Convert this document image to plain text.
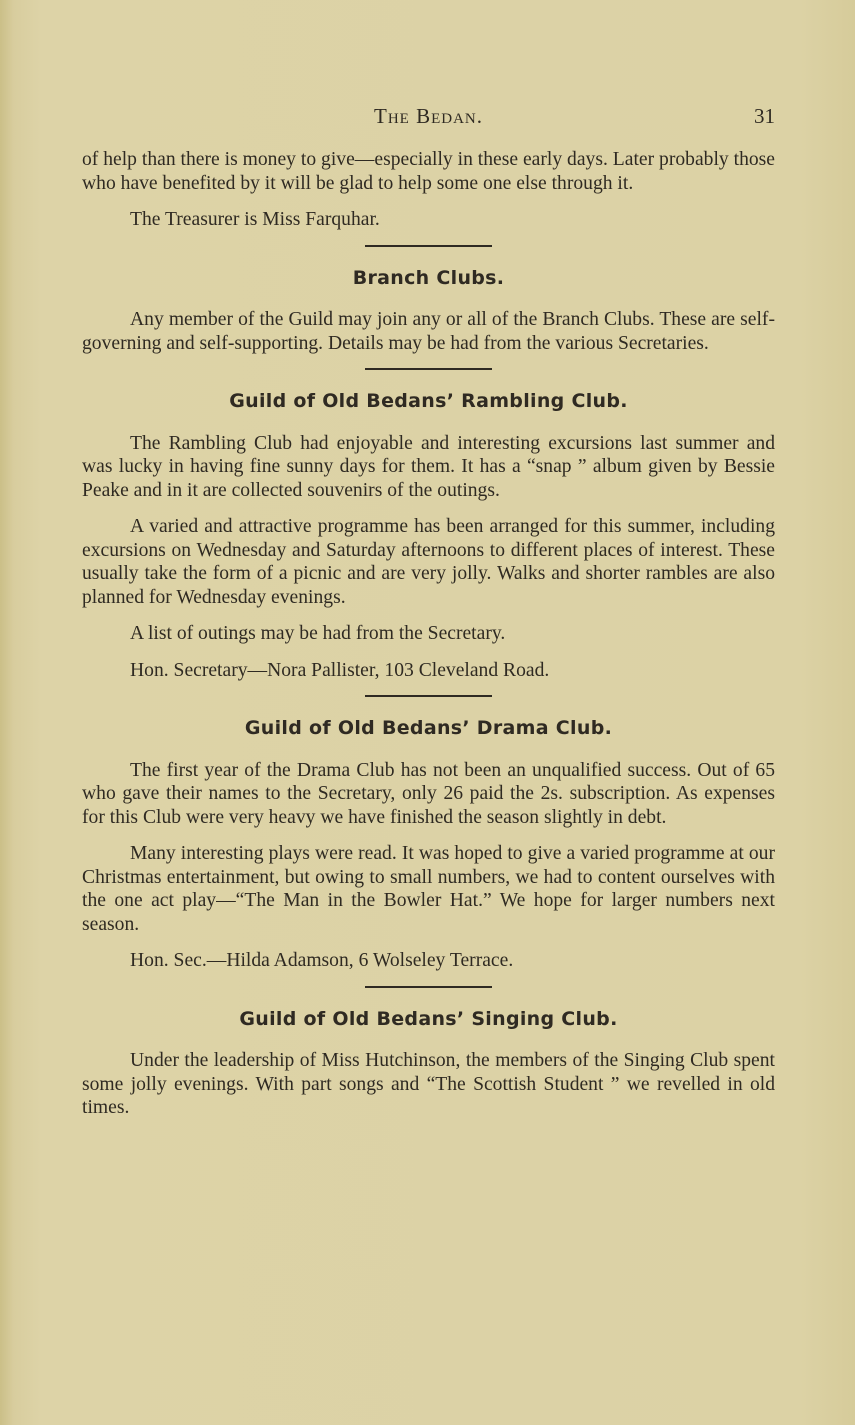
The Bedan.	31

of help than there is money to give—especially in these early days. Later probably those who have benefited by it will be glad to help some one else through it.

The Treasurer is Miss Farquhar.

Branch Clubs.

Any member of the Guild may join any or all of the Branch Clubs. These are self-governing and self-supporting. Details may be had from the various Secretaries.

Guild of Old Bedans’ Rambling Club.

The Rambling Club had enjoyable and interesting excursions last summer and was lucky in having fine sunny days for them. It has a “snap ” album given by Bessie Peake and in it are collected souvenirs of the outings.

A varied and attractive programme has been arranged for this summer, including excursions on Wednesday and Saturday afternoons to different places of interest. These usually take the form of a picnic and are very jolly. Walks and shorter rambles are also planned for Wednesday evenings.

A list of outings may be had from the Secretary.

Hon. Secretary—Nora Pallister, 103 Cleveland Road.

Guild of Old Bedans’ Drama Club.

The first year of the Drama Club has not been an unqualified success. Out of 65 who gave their names to the Secretary, only 26 paid the 2s. subscription. As expenses for this Club were very heavy we have finished the season slightly in debt.

Many interesting plays were read. It was hoped to give a varied programme at our Christmas entertainment, but owing to small numbers, we had to content ourselves with the one act play—“The Man in the Bowler Hat.” We hope for larger numbers next season.

Hon. Sec.—Hilda Adamson, 6 Wolseley Terrace.

Guild of Old Bedans’ Singing Club.

Under the leadership of Miss Hutchinson, the members of the Singing Club spent some jolly evenings. With part songs and “The Scottish Student ” we revelled in old times.
